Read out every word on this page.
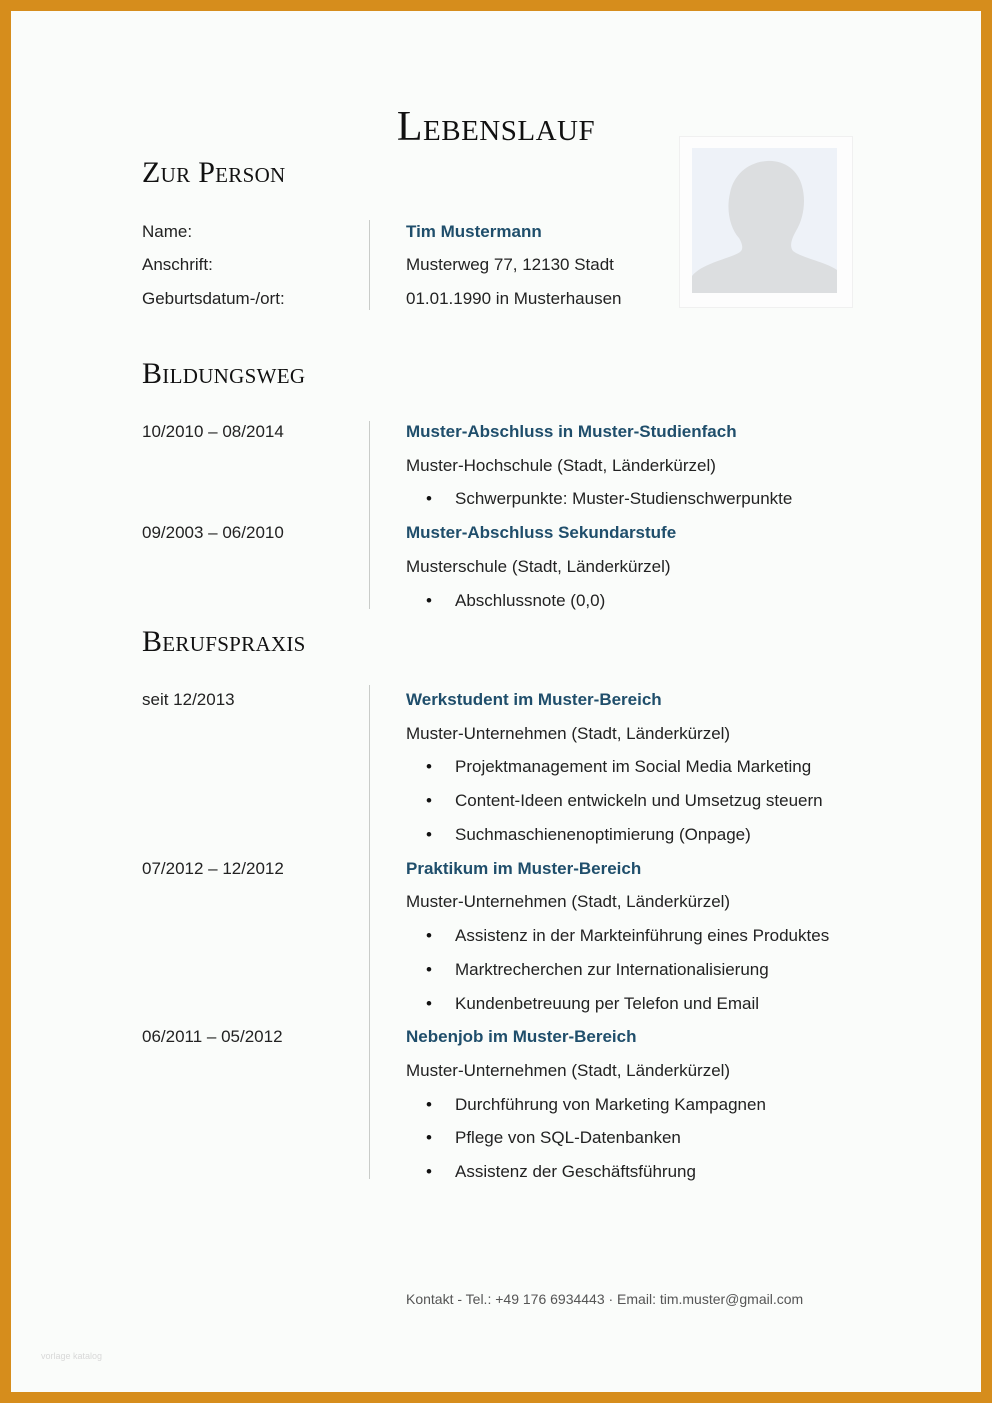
Lebenslauf
Zur Person
Name:	Tim Mustermann
Anschrift:	Musterweg 77, 12130 Stadt
Geburtsdatum-/ort:	01.01.1990 in Musterhausen
Bildungsweg
10/2010 – 08/2014	Muster-Abschluss in Muster-Studienfach
Muster-Hochschule (Stadt, Länderkürzel)
• Schwerpunkte: Muster-Studienschwerpunkte
09/2003 – 06/2010	Muster-Abschluss Sekundarstufe
Musterschule (Stadt, Länderkürzel)
• Abschlussnote (0,0)
Berufspraxis
seit 12/2013	Werkstudent im Muster-Bereich
Muster-Unternehmen (Stadt, Länderkürzel)
• Projektmanagement im Social Media Marketing
• Content-Ideen entwickeln und Umsetzug steuern
• Suchmaschienenoptimierung (Onpage)
07/2012 – 12/2012	Praktikum im Muster-Bereich
Muster-Unternehmen (Stadt, Länderkürzel)
• Assistenz in der Markteinführung eines Produktes
• Marktrecherchen zur Internationalisierung
• Kundenbetreuung per Telefon und Email
06/2011 – 05/2012	Nebenjob im Muster-Bereich
Muster-Unternehmen (Stadt, Länderkürzel)
• Durchführung von Marketing Kampagnen
• Pflege von SQL-Datenbanken
• Assistenz der Geschäftsführung
Kontakt - Tel.: +49 176 6934443 · Email: tim.muster@gmail.com
vorlage katalog
